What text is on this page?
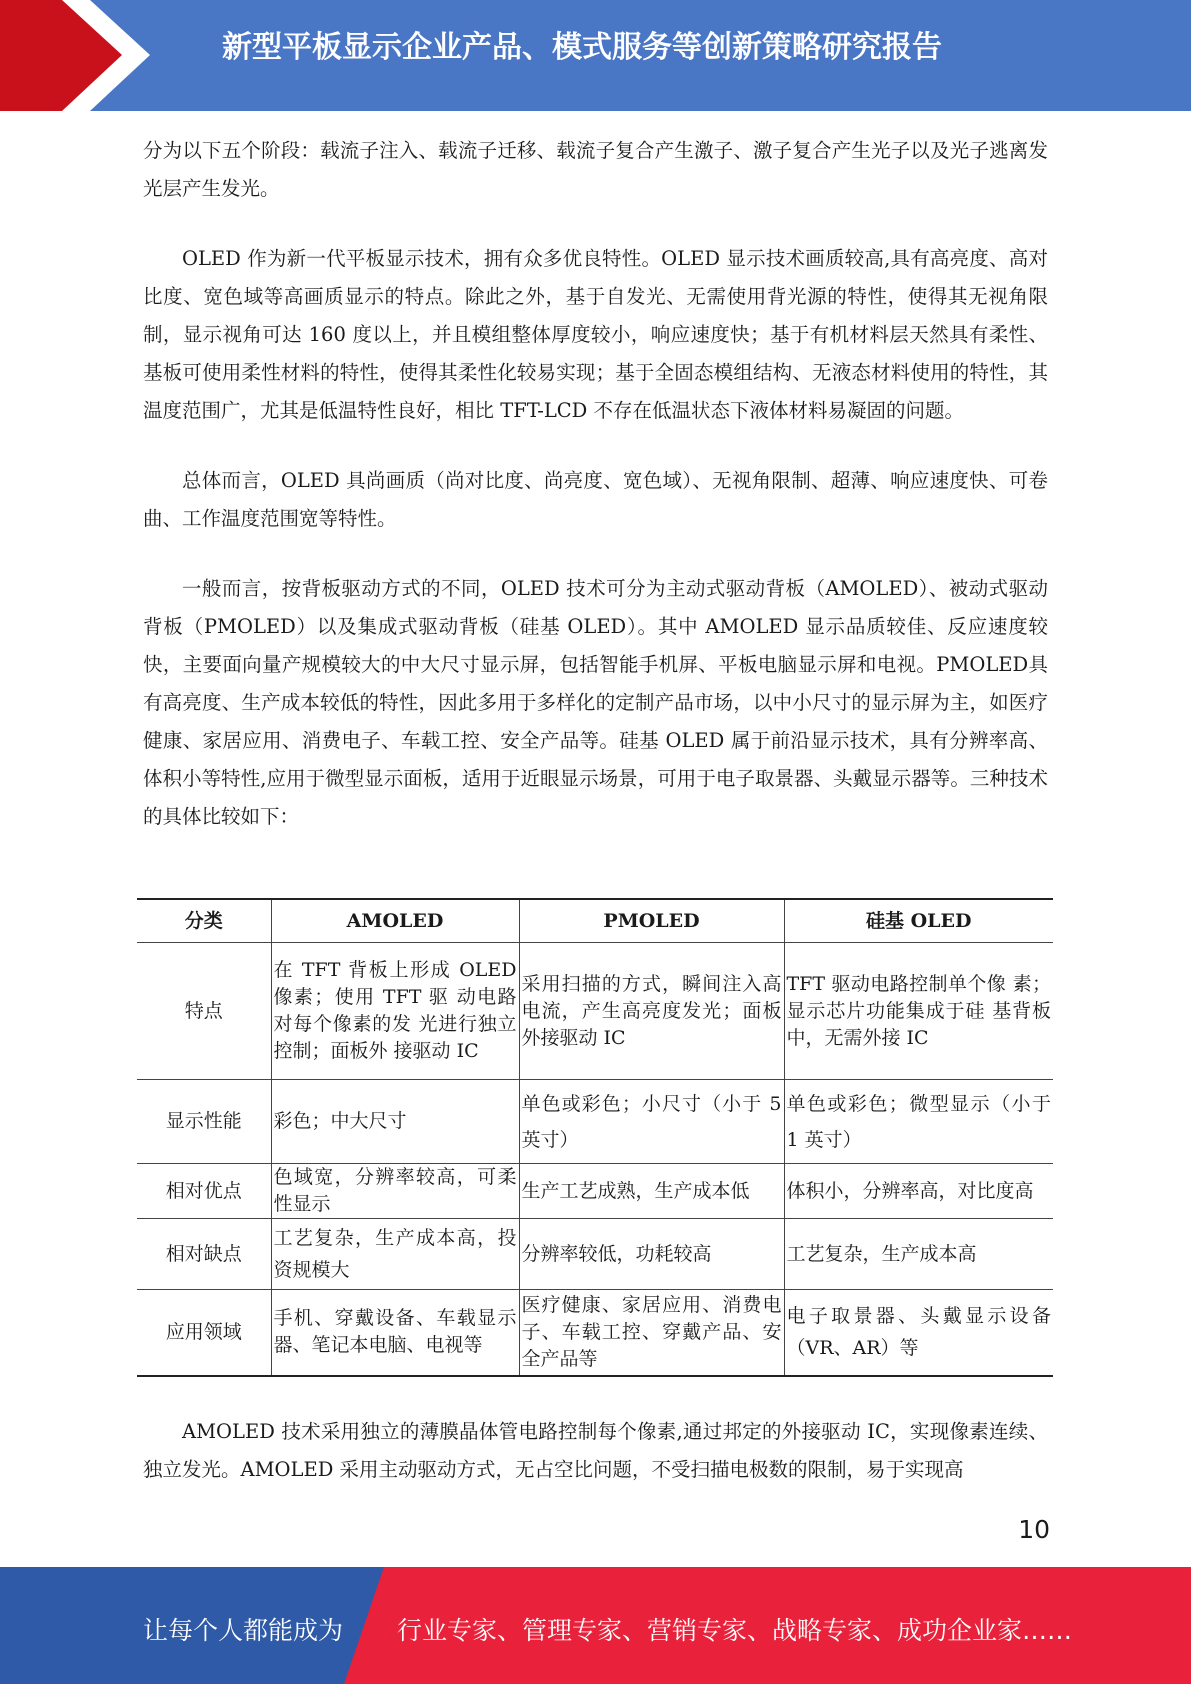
新型平板显示企业产品、模式服务等创新策略研究报告

分为以下五个阶段：载流子注入、载流子迁移、载流子复合产生激子、激子复合产生光子以及光子逃离发光层产生发光。

OLED 作为新一代平板显示技术，拥有众多优良特性。OLED 显示技术画质较高,具有高亮度、高对比度、宽色域等高画质显示的特点。除此之外，基于自发光、无需使用背光源的特性，使得其无视角限制，显示视角可达 160 度以上，并且模组整体厚度较小，响应速度快；基于有机材料层天然具有柔性、基板可使用柔性材料的特性，使得其柔性化较易实现；基于全固态模组结构、无液态材料使用的特性，其温度范围广，尤其是低温特性良好，相比 TFT-LCD 不存在低温状态下液体材料易凝固的问题。

总体而言，OLED 具尚画质（尚对比度、尚亮度、宽色域）、无视角限制、超薄、响应速度快、可卷曲、工作温度范围宽等特性。

一般而言，按背板驱动方式的不同，OLED 技术可分为主动式驱动背板（AMOLED）、被动式驱动背板（PMOLED）以及集成式驱动背板（硅基 OLED）。其中 AMOLED 显示品质较佳、反应速度较快，主要面向量产规模较大的中大尺寸显示屏，包括智能手机屏、平板电脑显示屏和电视。PMOLED具有高亮度、生产成本较低的特性，因此多用于多样化的定制产品市场，以中小尺寸的显示屏为主，如医疗健康、家居应用、消费电子、车载工控、安全产品等。硅基 OLED 属于前沿显示技术，具有分辨率高、体积小等特性,应用于微型显示面板，适用于近眼显示场景，可用于电子取景器、头戴显示器等。三种技术的具体比较如下：

分类	AMOLED	PMOLED	硅基 OLED
特点	在 TFT 背板上形成 OLED 像素；使用 TFT 驱 动电路对每个像素的发 光进行独立控制；面板外 接驱动 IC	采用扫描的方式，瞬间注入高电流，产生高亮度发光；面板外接驱动 IC	TFT 驱动电路控制单个像 素；显示芯片功能集成于硅 基背板中，无需外接 IC
显示性能	彩色；中大尺寸	单色或彩色；小尺寸（小于 5 英寸）	单色或彩色；微型显示（小于 1 英寸）
相对优点	色域宽，分辨率较高，可柔性显示	生产工艺成熟，生产成本低	体积小，分辨率高，对比度高
相对缺点	工艺复杂，生产成本高，投资规模大	分辨率较低，功耗较高	工艺复杂，生产成本高
应用领域	手机、穿戴设备、车载显示器、笔记本电脑、电视等	医疗健康、家居应用、消费电子、车载工控、穿戴产品、安全产品等	电子取景器、头戴显示设备（VR、AR）等

AMOLED 技术采用独立的薄膜晶体管电路控制每个像素,通过邦定的外接驱动 IC，实现像素连续、独立发光。AMOLED 采用主动驱动方式，无占空比问题，不受扫描电极数的限制，易于实现高

10
让每个人都能成为 行业专家、管理专家、营销专家、战略专家、成功企业家……
